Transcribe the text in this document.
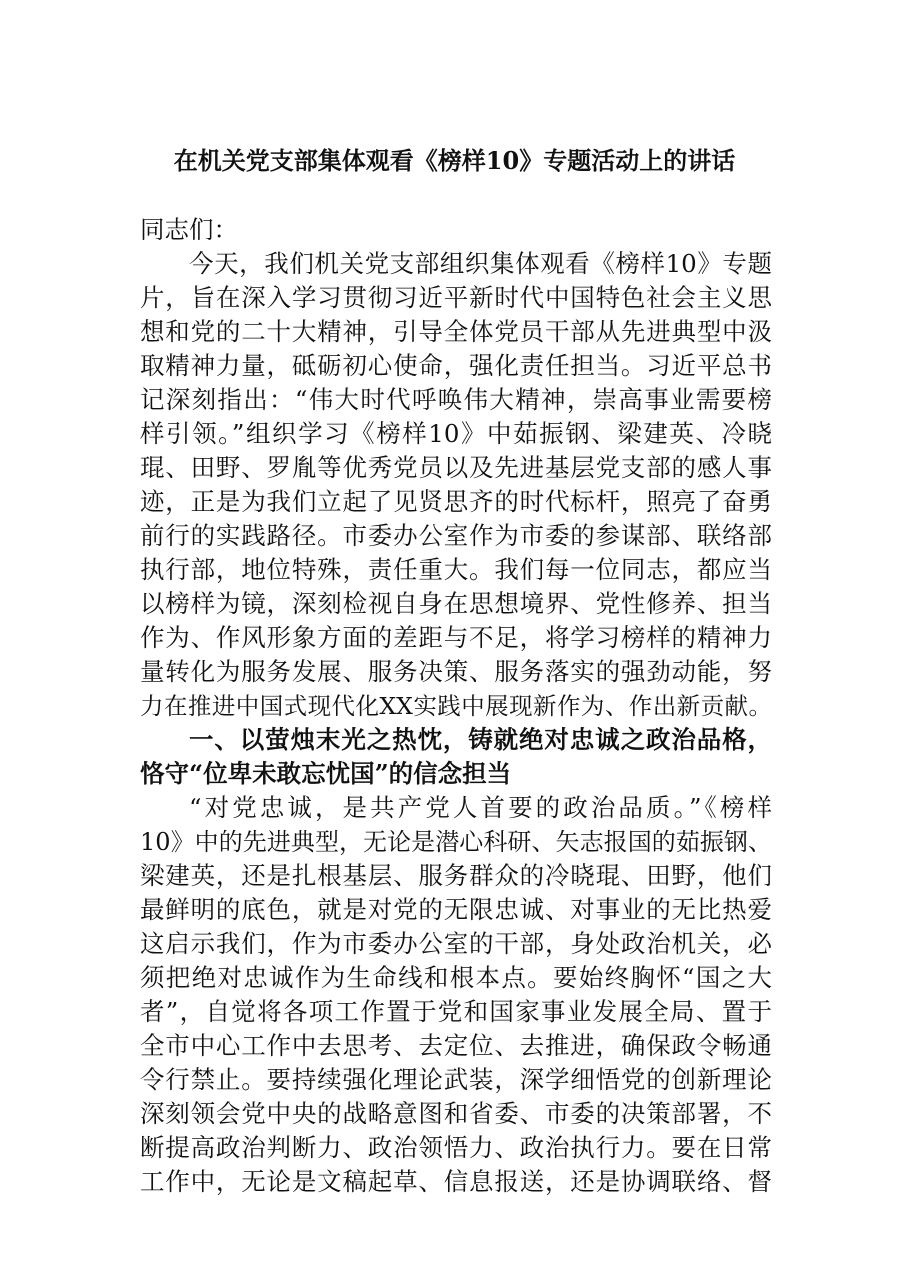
在机关党支部集体观看《榜样10》专题活动上的讲话

同志们：

今天，我们机关党支部组织集体观看《榜样10》专题

片，旨在深入学习贯彻习近平新时代中国特色社会主义思

想和党的二十大精神，引导全体党员干部从先进典型中汲

取精神力量，砥砺初心使命，强化责任担当。习近平总书

记深刻指出：“伟大时代呼唤伟大精神，崇高事业需要榜

样引领。”组织学习《榜样10》中茹振钢、梁建英、冷晓

琨、田野、罗胤等优秀党员以及先进基层党支部的感人事

迹，正是为我们立起了见贤思齐的时代标杆，照亮了奋勇

前行的实践路径。市委办公室作为市委的参谋部、联络部

执行部，地位特殊，责任重大。我们每一位同志，都应当

以榜样为镜，深刻检视自身在思想境界、党性修养、担当

作为、作风形象方面的差距与不足，将学习榜样的精神力

量转化为服务发展、服务决策、服务落实的强劲动能，努

力在推进中国式现代化XX实践中展现新作为、作出新贡献。

一、以萤烛末光之热忱，铸就绝对忠诚之政治品格，

恪守“位卑未敢忘忧国”的信念担当

“对党忠诚，是共产党人首要的政治品质。”《榜样

10》中的先进典型，无论是潜心科研、矢志报国的茹振钢、

梁建英，还是扎根基层、服务群众的冷晓琨、田野，他们

最鲜明的底色，就是对党的无限忠诚、对事业的无比热爱

这启示我们，作为市委办公室的干部，身处政治机关，必

须把绝对忠诚作为生命线和根本点。要始终胸怀“国之大

者”，自觉将各项工作置于党和国家事业发展全局、置于

全市中心工作中去思考、去定位、去推进，确保政令畅通

令行禁止。要持续强化理论武装，深学细悟党的创新理论

深刻领会党中央的战略意图和省委、市委的决策部署，不

断提高政治判断力、政治领悟力、政治执行力。要在日常

工作中，无论是文稿起草、信息报送，还是协调联络、督
